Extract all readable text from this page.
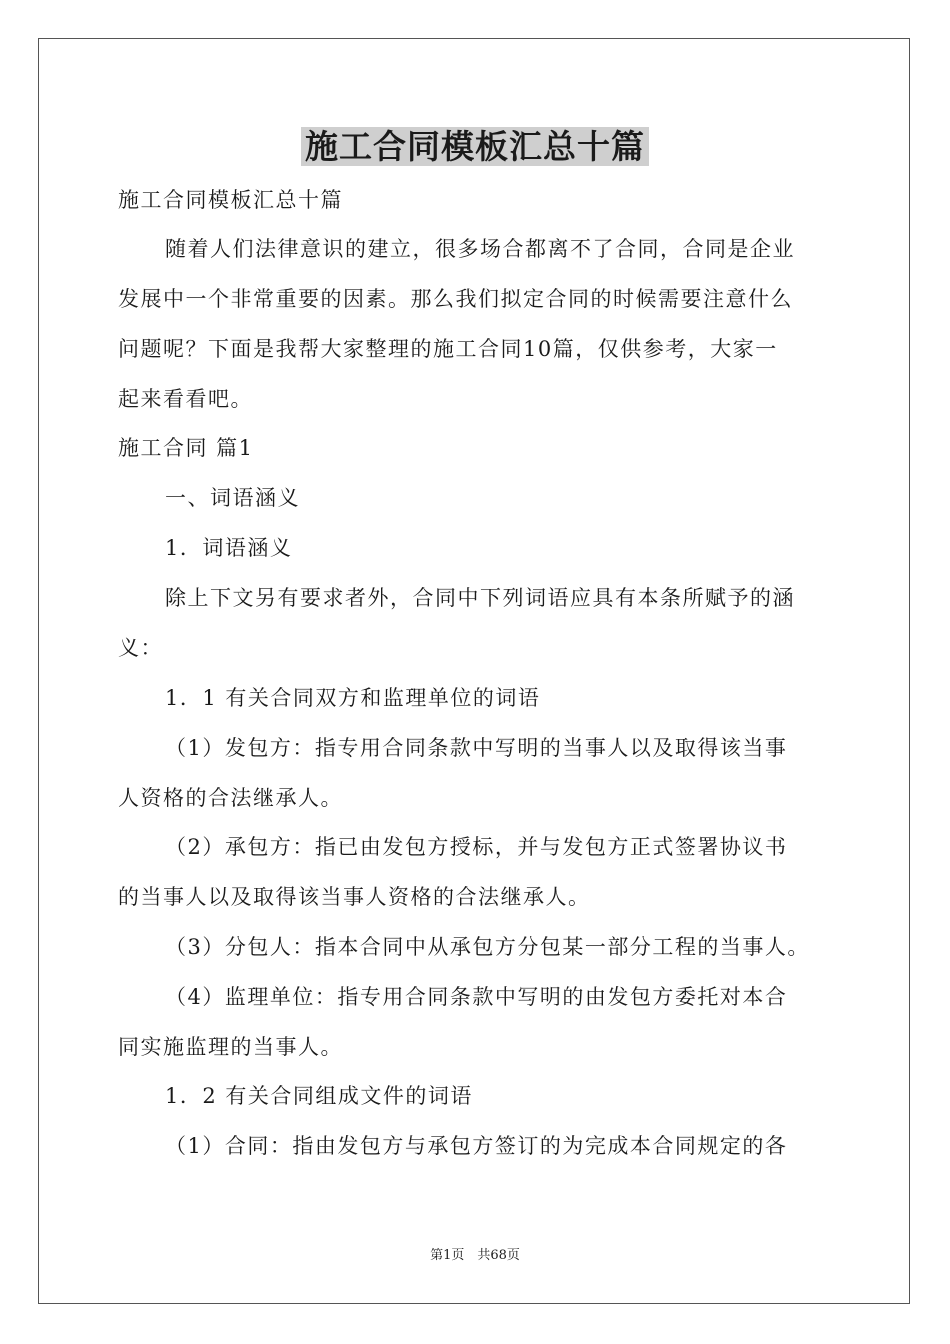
施工合同模板汇总十篇
施工合同模板汇总十篇
随着人们法律意识的建立，很多场合都离不了合同，合同是企业
发展中一个非常重要的因素。那么我们拟定合同的时候需要注意什么
问题呢？下面是我帮大家整理的施工合同10篇，仅供参考，大家一
起来看看吧。
施工合同 篇1
一、词语涵义
1．词语涵义
除上下文另有要求者外，合同中下列词语应具有本条所赋予的涵
义：
1．1 有关合同双方和监理单位的词语
（1）发包方：指专用合同条款中写明的当事人以及取得该当事
人资格的合法继承人。
（2）承包方：指已由发包方授标，并与发包方正式签署协议书
的当事人以及取得该当事人资格的合法继承人。
（3）分包人：指本合同中从承包方分包某一部分工程的当事人。
（4）监理单位：指专用合同条款中写明的由发包方委托对本合
同实施监理的当事人。
1．2 有关合同组成文件的词语
（1）合同：指由发包方与承包方签订的为完成本合同规定的各
第1页　共68页
